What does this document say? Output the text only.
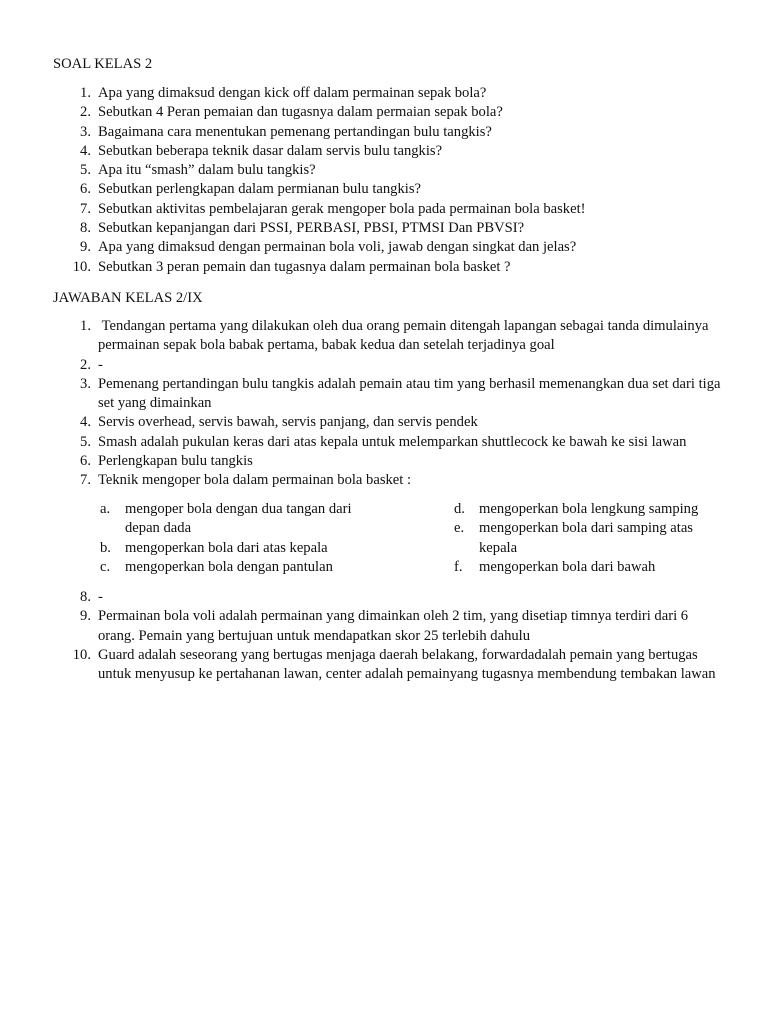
SOAL KELAS 2
1. Apa yang dimaksud dengan kick off dalam permainan sepak bola?
2. Sebutkan 4 Peran pemaian dan tugasnya dalam permaian sepak bola?
3. Bagaimana cara menentukan pemenang pertandingan bulu tangkis?
4. Sebutkan beberapa teknik dasar dalam servis bulu tangkis?
5. Apa itu “smash” dalam bulu tangkis?
6. Sebutkan perlengkapan dalam permianan bulu tangkis?
7. Sebutkan aktivitas pembelajaran gerak mengoper bola pada permainan bola basket!
8. Sebutkan kepanjangan dari PSSI, PERBASI, PBSI, PTMSI Dan PBVSI?
9. Apa yang dimaksud dengan permainan bola voli, jawab dengan singkat dan jelas?
10. Sebutkan 3 peran pemain dan tugasnya dalam permainan bola basket ?
JAWABAN KELAS 2/IX
1. Tendangan pertama yang dilakukan oleh dua orang pemain ditengah lapangan sebagai tanda dimulainya permainan sepak bola babak pertama, babak kedua dan setelah terjadinya goal
2. -
3. Pemenang pertandingan bulu tangkis adalah pemain atau tim yang berhasil memenangkan dua set dari tiga set yang dimainkan
4. Servis overhead, servis bawah, servis panjang, dan servis pendek
5. Smash adalah pukulan keras dari atas kepala untuk melemparkan shuttlecock ke bawah ke sisi lawan
6. Perlengkapan bulu tangkis
7. Teknik mengoper bola dalam permainan bola basket :
a. mengoper bola dengan dua tangan dari depan dada
b. mengoperkan bola dari atas kepala
c. mengoperkan bola dengan pantulan
d. mengoperkan bola lengkung samping
e. mengoperkan bola dari samping atas kepala
f. mengoperkan bola dari bawah
8. -
9. Permainan bola voli adalah permainan yang dimainkan oleh 2 tim, yang disetiap timnya terdiri dari 6 orang. Pemain yang bertujuan untuk mendapatkan skor 25 terlebih dahulu
10. Guard adalah seseorang yang bertugas menjaga daerah belakang, forwardadalah pemain yang bertugas untuk menyusup ke pertahanan lawan, center adalah pemainyang tugasnya membendung tembakan lawan
